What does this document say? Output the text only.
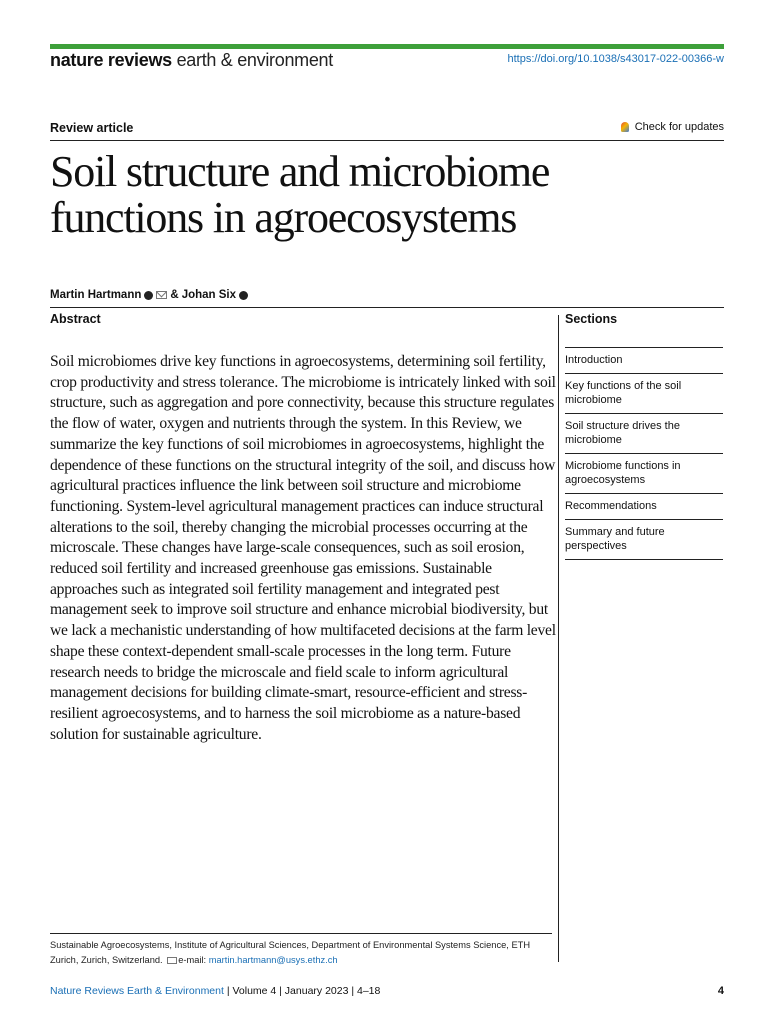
nature reviews earth & environment	https://doi.org/10.1038/s43017-022-00366-w
Review article	Check for updates
Soil structure and microbiome functions in agroecosystems
Martin Hartmann	& Johan Six
Abstract

Soil microbiomes drive key functions in agroecosystems, determining soil fertility, crop productivity and stress tolerance. The microbiome is intricately linked with soil structure, such as aggregation and pore connectivity, because this structure regulates the flow of water, oxygen and nutrients through the system. In this Review, we summarize the key functions of soil microbiomes in agroecosystems, highlight the dependence of these functions on the structural integrity of the soil, and discuss how agricultural practices influence the link between soil structure and microbiome functioning. System-level agricultural management practices can induce structural alterations to the soil, thereby changing the microbial processes occurring at the microscale. These changes have large-scale consequences, such as soil erosion, reduced soil fertility and increased greenhouse gas emissions. Sustainable approaches such as integrated soil fertility management and integrated pest management seek to improve soil structure and enhance microbial biodiversity, but we lack a mechanistic understanding of how multifaceted decisions at the farm level shape these context-dependent small-scale processes in the long term. Future research needs to bridge the microscale and field scale to inform agricultural management decisions for building climate-smart, resource-efficient and stress-resilient agroecosystems, and to harness the soil microbiome as a nature-based solution for sustainable agriculture.

Sections
Introduction
Key functions of the soil microbiome
Soil structure drives the microbiome
Microbiome functions in agroecosystems
Recommendations
Summary and future perspectives
Sustainable Agroecosystems, Institute of Agricultural Sciences, Department of Environmental Systems Science, ETH Zurich, Zurich, Switzerland. e-mail: martin.hartmann@usys.ethz.ch
Nature Reviews Earth & Environment | Volume 4 | January 2023 | 4–18	4
